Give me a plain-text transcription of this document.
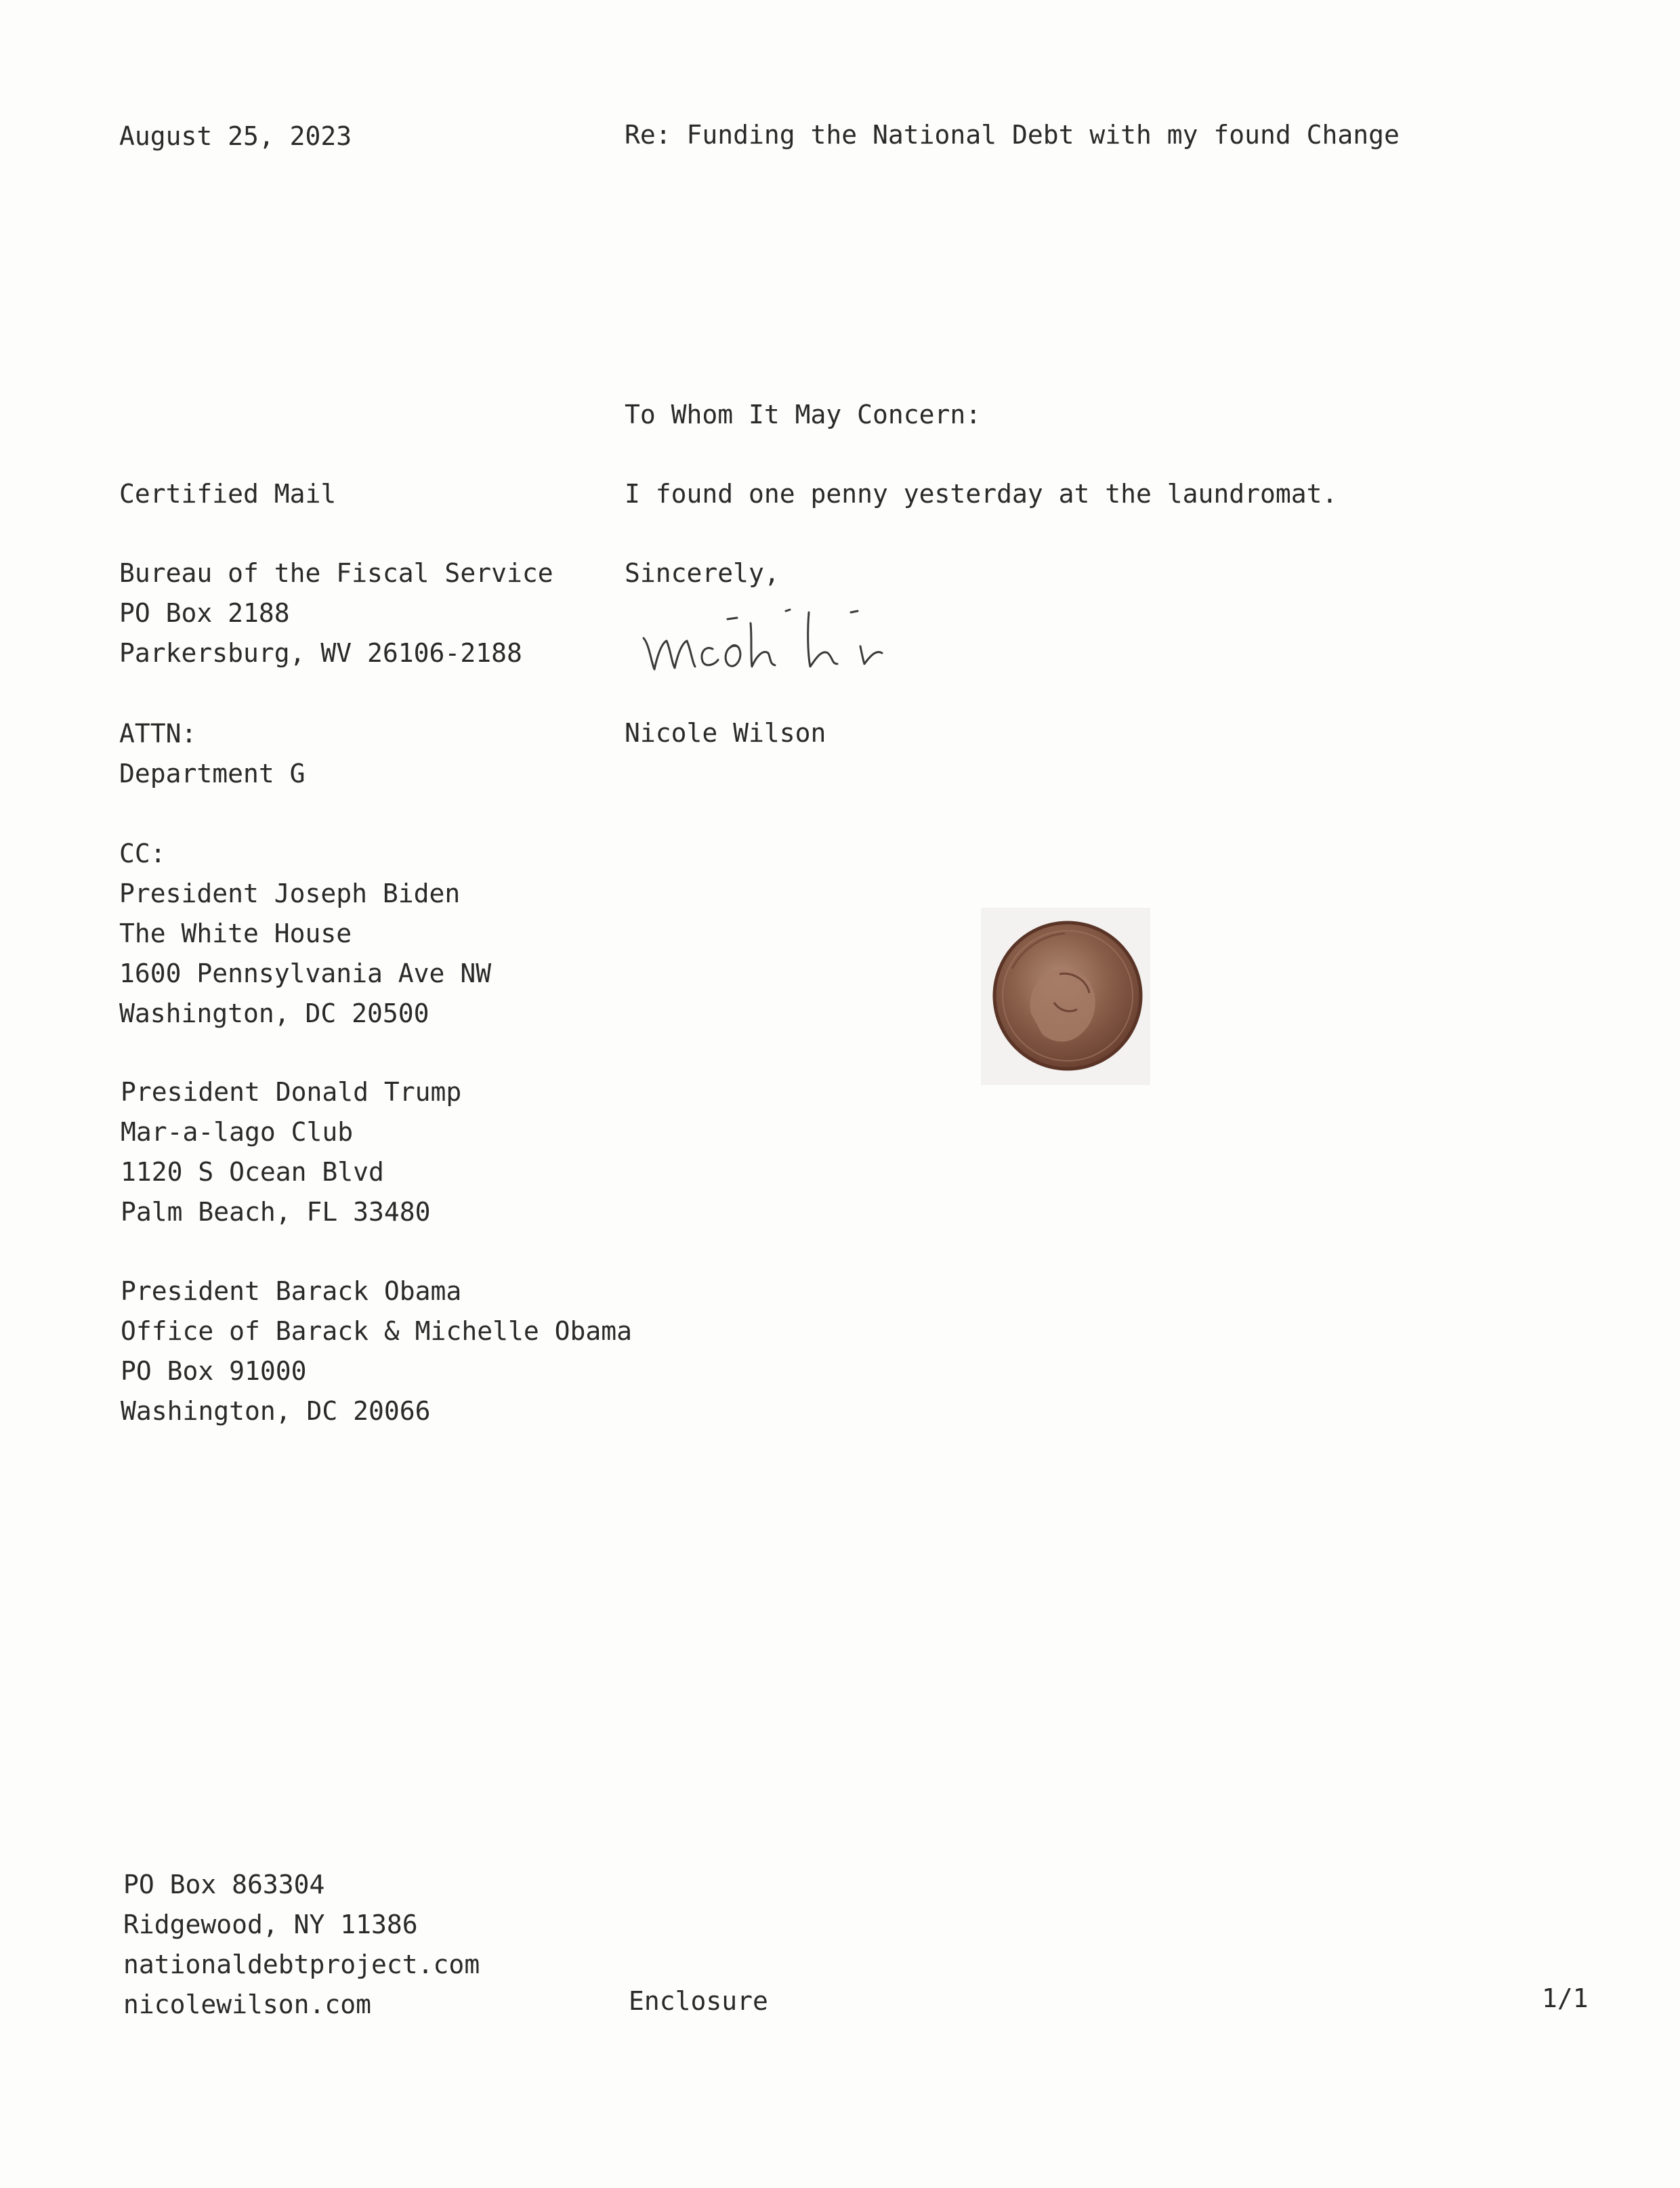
August 25, 2023	Re: Funding the National Debt with my found Change
To Whom It May Concern:
Certified Mail	I found one penny yesterday at the laundromat.
Bureau of the Fiscal Service
PO Box 2188
Parkersburg, WV 26106-2188
Sincerely,
Nicole Wilson
ATTN:
Department G
CC:
President Joseph Biden
The White House
1600 Pennsylvania Ave NW
Washington, DC 20500
President Donald Trump
Mar-a-lago Club
1120 S Ocean Blvd
Palm Beach, FL 33480
President Barack Obama
Office of Barack & Michelle Obama
PO Box 91000
Washington, DC 20066
PO Box 863304
Ridgewood, NY 11386
nationaldebtproject.com
nicolewilson.com	Enclosure	1/1
